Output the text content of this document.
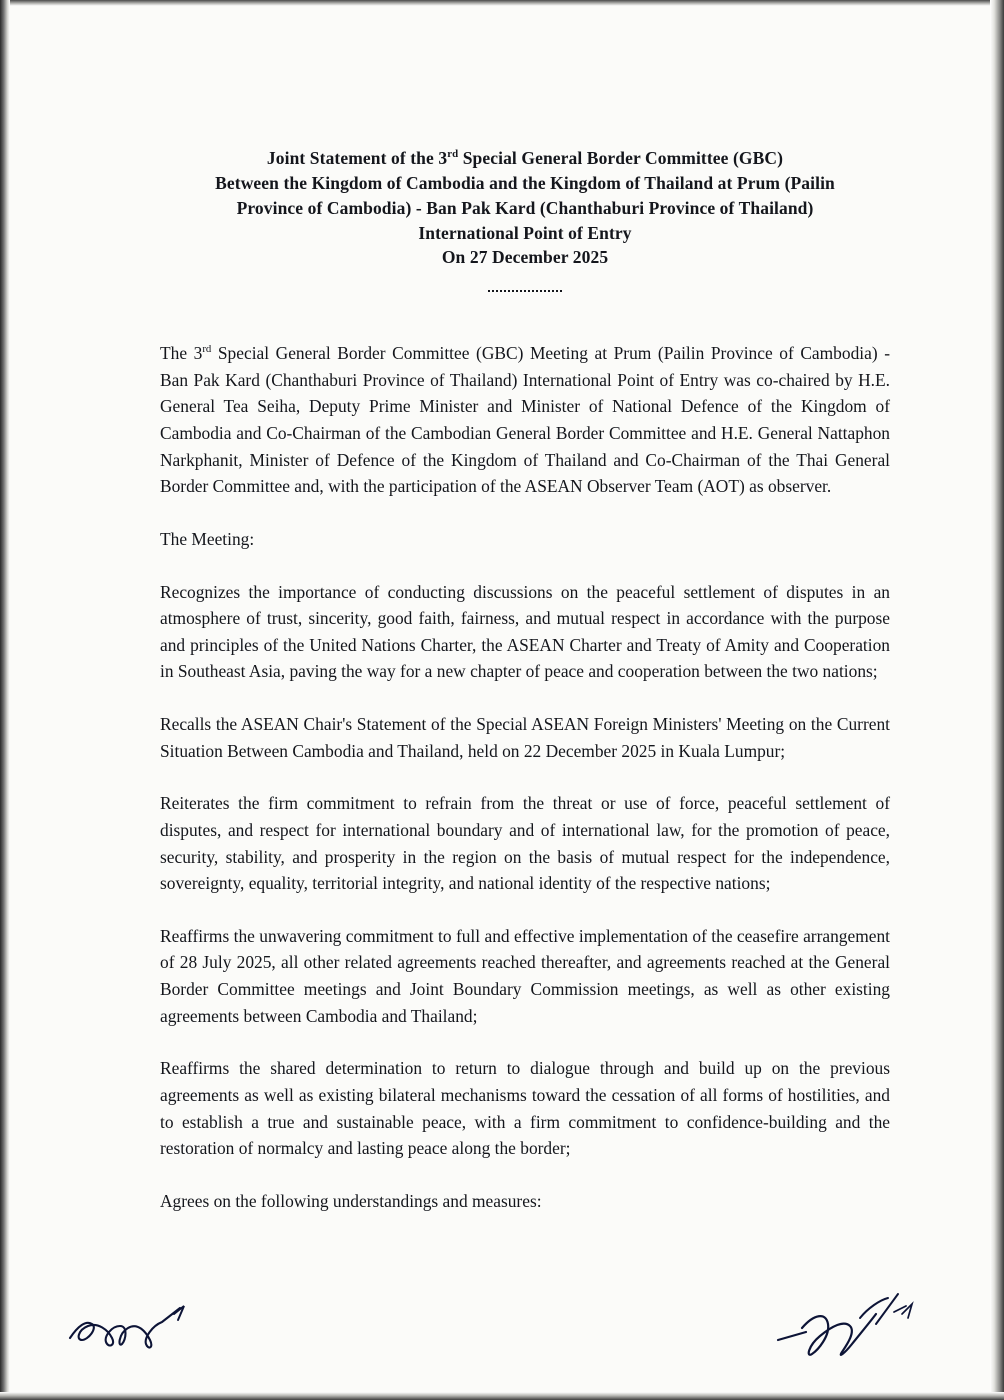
Joint Statement of the 3rd Special General Border Committee (GBC)
Between the Kingdom of Cambodia and the Kingdom of Thailand at Prum (Pailin
Province of Cambodia) - Ban Pak Kard (Chanthaburi Province of Thailand)
International Point of Entry
On 27 December 2025

The 3rd Special General Border Committee (GBC) Meeting at Prum (Pailin Province of Cambodia) - Ban Pak Kard (Chanthaburi Province of Thailand) International Point of Entry was co-chaired by H.E. General Tea Seiha, Deputy Prime Minister and Minister of National Defence of the Kingdom of Cambodia and Co-Chairman of the Cambodian General Border Committee and H.E. General Nattaphon Narkphanit, Minister of Defence of the Kingdom of Thailand and Co-Chairman of the Thai General Border Committee and, with the participation of the ASEAN Observer Team (AOT) as observer.

The Meeting:

Recognizes the importance of conducting discussions on the peaceful settlement of disputes in an atmosphere of trust, sincerity, good faith, fairness, and mutual respect in accordance with the purpose and principles of the United Nations Charter, the ASEAN Charter and Treaty of Amity and Cooperation in Southeast Asia, paving the way for a new chapter of peace and cooperation between the two nations;

Recalls the ASEAN Chair's Statement of the Special ASEAN Foreign Ministers' Meeting on the Current Situation Between Cambodia and Thailand, held on 22 December 2025 in Kuala Lumpur;

Reiterates the firm commitment to refrain from the threat or use of force, peaceful settlement of disputes, and respect for international boundary and of international law, for the promotion of peace, security, stability, and prosperity in the region on the basis of mutual respect for the independence, sovereignty, equality, territorial integrity, and national identity of the respective nations;

Reaffirms the unwavering commitment to full and effective implementation of the ceasefire arrangement of 28 July 2025, all other related agreements reached thereafter, and agreements reached at the General Border Committee meetings and Joint Boundary Commission meetings, as well as other existing agreements between Cambodia and Thailand;

Reaffirms the shared determination to return to dialogue through and build up on the previous agreements as well as existing bilateral mechanisms toward the cessation of all forms of hostilities, and to establish a true and sustainable peace, with a firm commitment to confidence-building and the restoration of normalcy and lasting peace along the border;

Agrees on the following understandings and measures:
